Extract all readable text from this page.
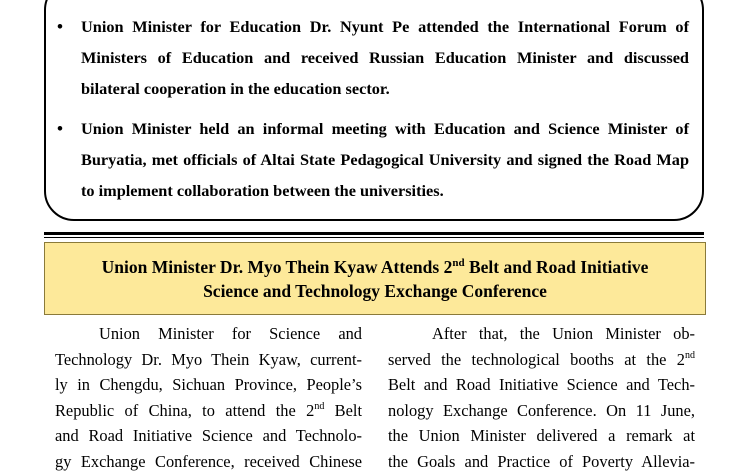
• Union Minister for Education Dr. Nyunt Pe attended the International Forum of Ministers of Education and received Russian Education Minister and discussed bilateral cooperation in the education sector.
• Union Minister held an informal meeting with Education and Science Minister of Buryatia, met officials of Altai State Pedagogical University and signed the Road Map to implement collaboration between the universities.
Union Minister Dr. Myo Thein Kyaw Attends 2nd Belt and Road Initiative
Science and Technology Exchange Conference
Union Minister for Science and
Technology Dr. Myo Thein Kyaw, current-
ly in Chengdu, Sichuan Province, People’s
Republic of China, to attend the 2nd Belt
and Road Initiative Science and Technolo-
gy Exchange Conference, received Chinese
After that, the Union Minister ob-
served the technological booths at the 2nd
Belt and Road Initiative Science and Tech-
nology Exchange Conference. On 11 June,
the Union Minister delivered a remark at
the Goals and Practice of Poverty Allevia-
